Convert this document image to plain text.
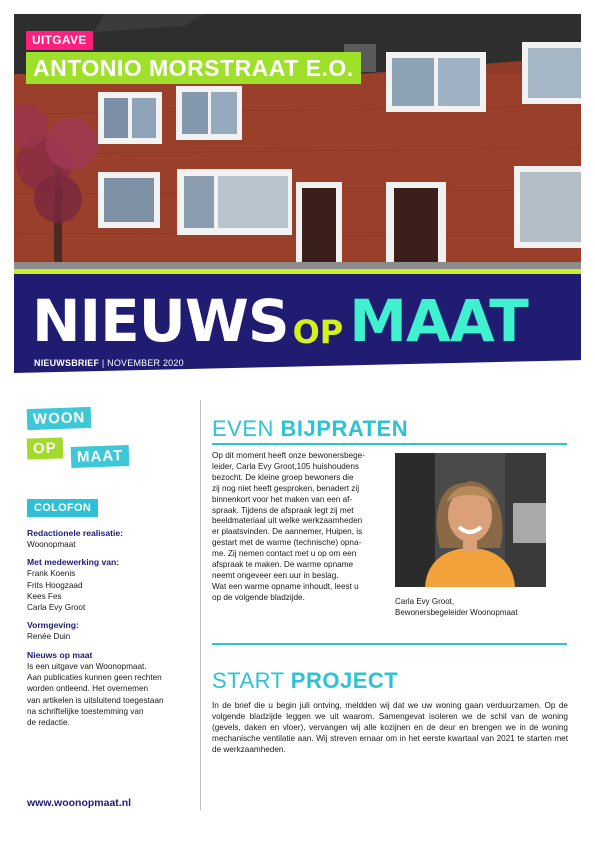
UITGAVE
ANTONIO MORSTRAAT E.O.
NIEUWS OP MAAT
NIEUWSBRIEF | NOVEMBER 2020
WOON
OP	MAAT
COLOFON
Redactionele realisatie:
Woonopmaat
Met medewerking van:
Frank Koenis
Frits Hoogzaad
Kees Fes
Carla Evy Groot
Vormgeving:
Renée Duin
Nieuws op maat
Is een uitgave van Woonopmaat.
Aan publicaties kunnen geen rechten
worden ontleend. Het overnemen
van artikelen is uitsluitend toegestaan
na schriftelijke toestemming van
de redactie.
www.woonopmaat.nl
EVEN BIJPRATEN
Op dit moment heeft onze bewonersbege-
leider, Carla Evy Groot,105 huishoudens
bezocht. De kleine groep bewoners die
zij nog niet heeft gesproken, benadert zij
binnenkort voor het maken van een af-
spraak. Tijdens de afspraak legt zij met
beeldmateriaal uit welke werkzaamheden
er plaatsvinden. De aannemer, Huipen, is
gestart met de warme (technische) opna-
me. Zij nemen contact met u op om een
afspraak te maken. De warme opname
neemt ongeveer een uur in beslag.
Wat een warme opname inhoudt, leest u
op de volgende bladzijde.	Carla Evy Groot,
Bewonersbegeleider Woonopmaat
START PROJECT
In de brief die u begin juli ontving, meldden wij dat we uw woning gaan verduurzamen. Op de volgende bladzijde leggen we uit waarom. Samengevat isoleren we de schil van de woning (gevels, daken en vloer), vervangen wij alle kozijnen en de deur en brengen we in de woning mechanische ventilatie aan. Wij streven ernaar om in het eerste kwartaal van 2021 te starten met de werkzaamheden.
